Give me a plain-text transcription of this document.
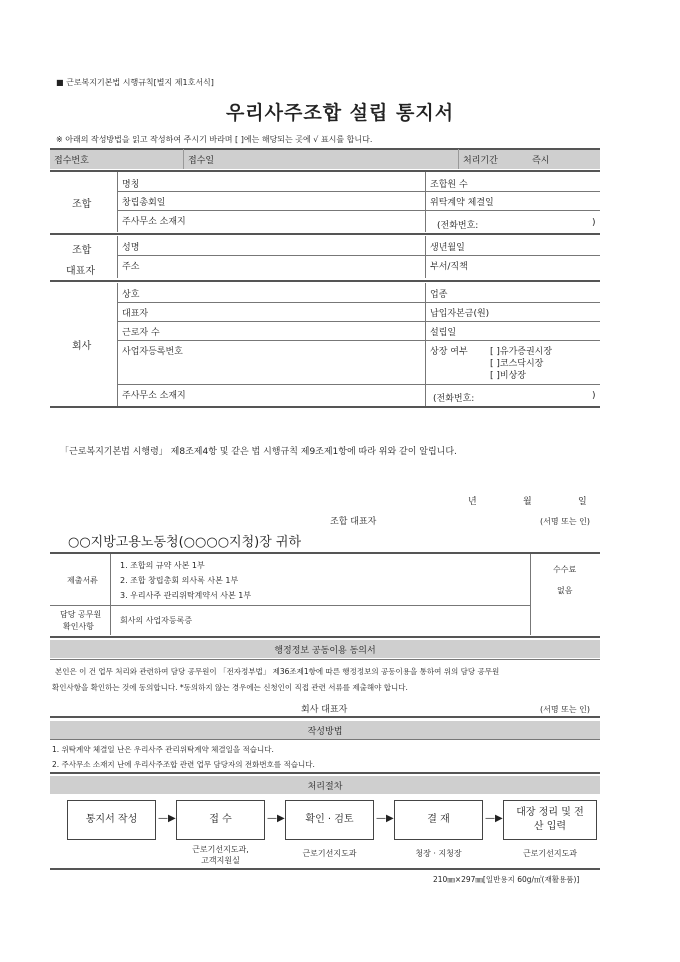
■ 근로복지기본법 시행규칙[별지 제1호서식]
우리사주조합 설립 통지서
※ 아래의 작성방법을 읽고 작성하여 주시기 바라며 [ ]에는 해당되는 곳에 √ 표시를 합니다.
접수번호	접수일	처리기간	즉시
조합
명칭	조합원 수
창립총회일	위탁계약 체결일
주사무소 소재지	(전화번호:	)
조합
대표자
성명	생년월일
주소	부서/직책
회사
상호	업종
대표자	납입자본금(원)
근로자 수	설립일
사업자등록번호	상장 여부 [ ]유가증권시장
[ ]코스닥시장
[ ]비상장
주사무소 소재지	(전화번호:	)
「근로복지기본법 시행령」 제8조제4항 및 같은 법 시행규칙 제9조제1항에 따라 위와 같이 알립니다.
년	월	일
조합 대표자	(서명 또는 인)
○○지방고용노동청(○○○○지청)장 귀하
제출서류
1. 조합의 규약 사본 1부
2. 조합 창립총회 의사록 사본 1부
3. 우리사주 관리위탁계약서 사본 1부
수수료
없음
담당 공무원
확인사항
회사의 사업자등록증
행정정보 공동이용 동의서
본인은 이 건 업무 처리와 관련하여 담당 공무원이 「전자정부법」 제36조제1항에 따른 행정정보의 공동이용을 통하여 위의 담당 공무원
확인사항을 확인하는 것에 동의합니다. *동의하지 않는 경우에는 신청인이 직접 관련 서류를 제출해야 합니다.
회사 대표자	(서명 또는 인)
작성방법
1. 위탁계약 체결일 난은 우리사주 관리위탁계약 체결일을 적습니다.
2. 주사무소 소재지 난에 우리사주조합 관련 업무 담당자의 전화번호를 적습니다.
처리절차
통지서 작성	—▶	접 수	—▶	확인 · 검토	—▶	결 재	—▶
대장 정리 및 전산 입력
근로기선지도과,
고객지원실
근로기선지도과	청장 · 지청장	근로기선지도과
210㎜×297㎜[일반용지 60g/㎡(재활용품)]
